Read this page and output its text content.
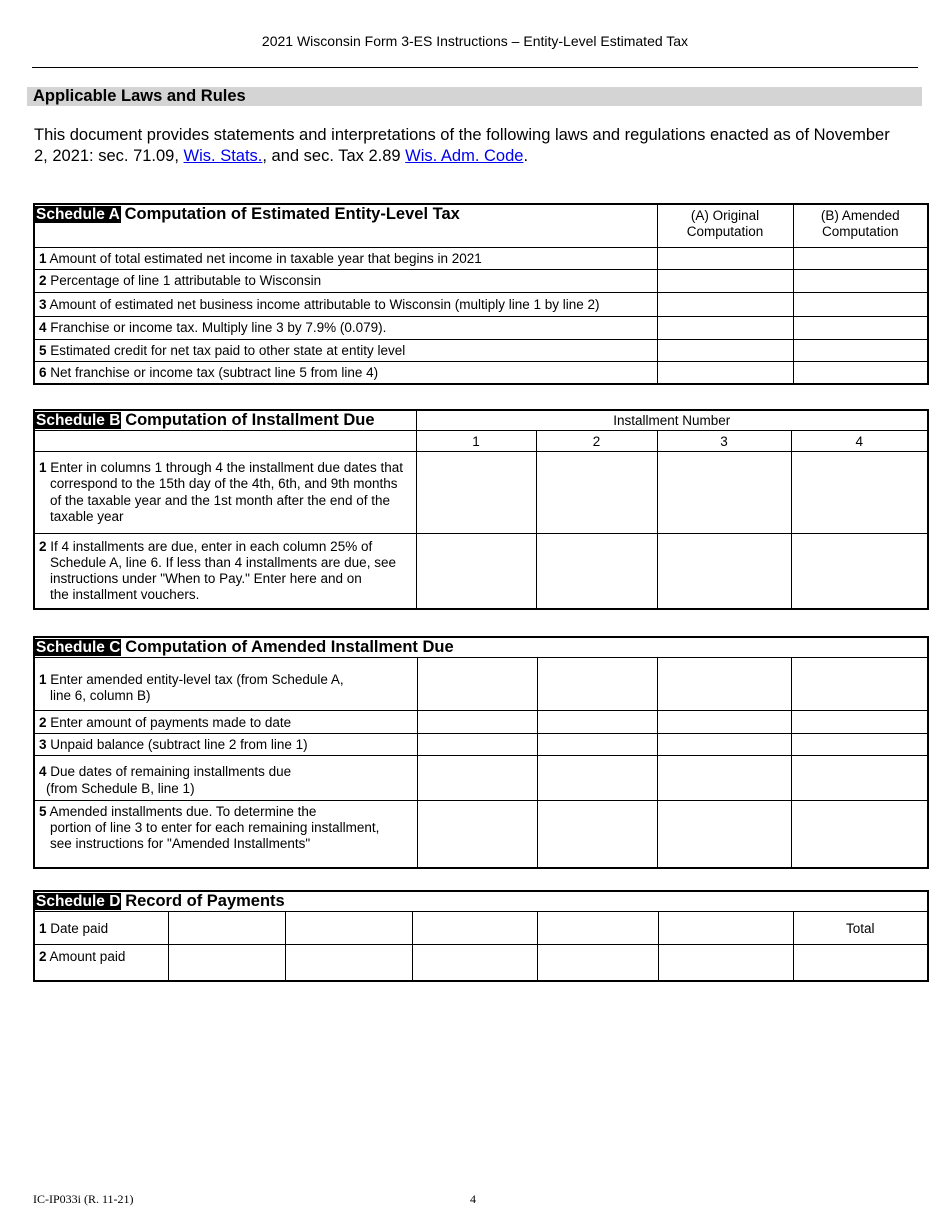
2021 Wisconsin Form 3-ES Instructions – Entity-Level Estimated Tax
Applicable Laws and Rules
This document provides statements and interpretations of the following laws and regulations enacted as of November 2, 2021: sec. 71.09, Wis. Stats., and sec. Tax 2.89 Wis. Adm. Code.
Schedule A Computation of Estimated Entity-Level Tax	(A) Original Computation	(B) Amended Computation
1 Amount of total estimated net income in taxable year that begins in 2021		
2 Percentage of line 1 attributable to Wisconsin		
3 Amount of estimated net business income attributable to Wisconsin (multiply line 1 by line 2)		
4 Franchise or income tax. Multiply line 3 by 7.9% (0.079).		
5 Estimated credit for net tax paid to other state at entity level		
6 Net franchise or income tax (subtract line 5 from line 4)		
Schedule B Computation of Installment Due	Installment Number			
	1	2	3	4
1 Enter in columns 1 through 4 the installment due dates that
correspond to the 15th day of the 4th, 6th, and 9th months
of the taxable year and the 1st month after the end of the
taxable year				

2 If 4 installments are due, enter in each column 25% of
Schedule A, line 6. If less than 4 installments are due, see
instructions under "When to Pay." Enter here and on
the installment vouchers.				

Schedule C Computation of Amended Installment Due				
1 Enter amended entity-level tax (from Schedule A,
line 6, column B)				

2 Enter amount of payments made to date				
3 Unpaid balance (subtract line 2 from line 1)				
4 Due dates of remaining installments due
(from Schedule B, line 1)				

5 Amended installments due. To determine the
portion of line 3 to enter for each remaining installment,
see instructions for "Amended Installments"				

Schedule D Record of Payments						
1 Date paid						Total
2 Amount paid						
IC-IP033i (R. 11-21)	4
